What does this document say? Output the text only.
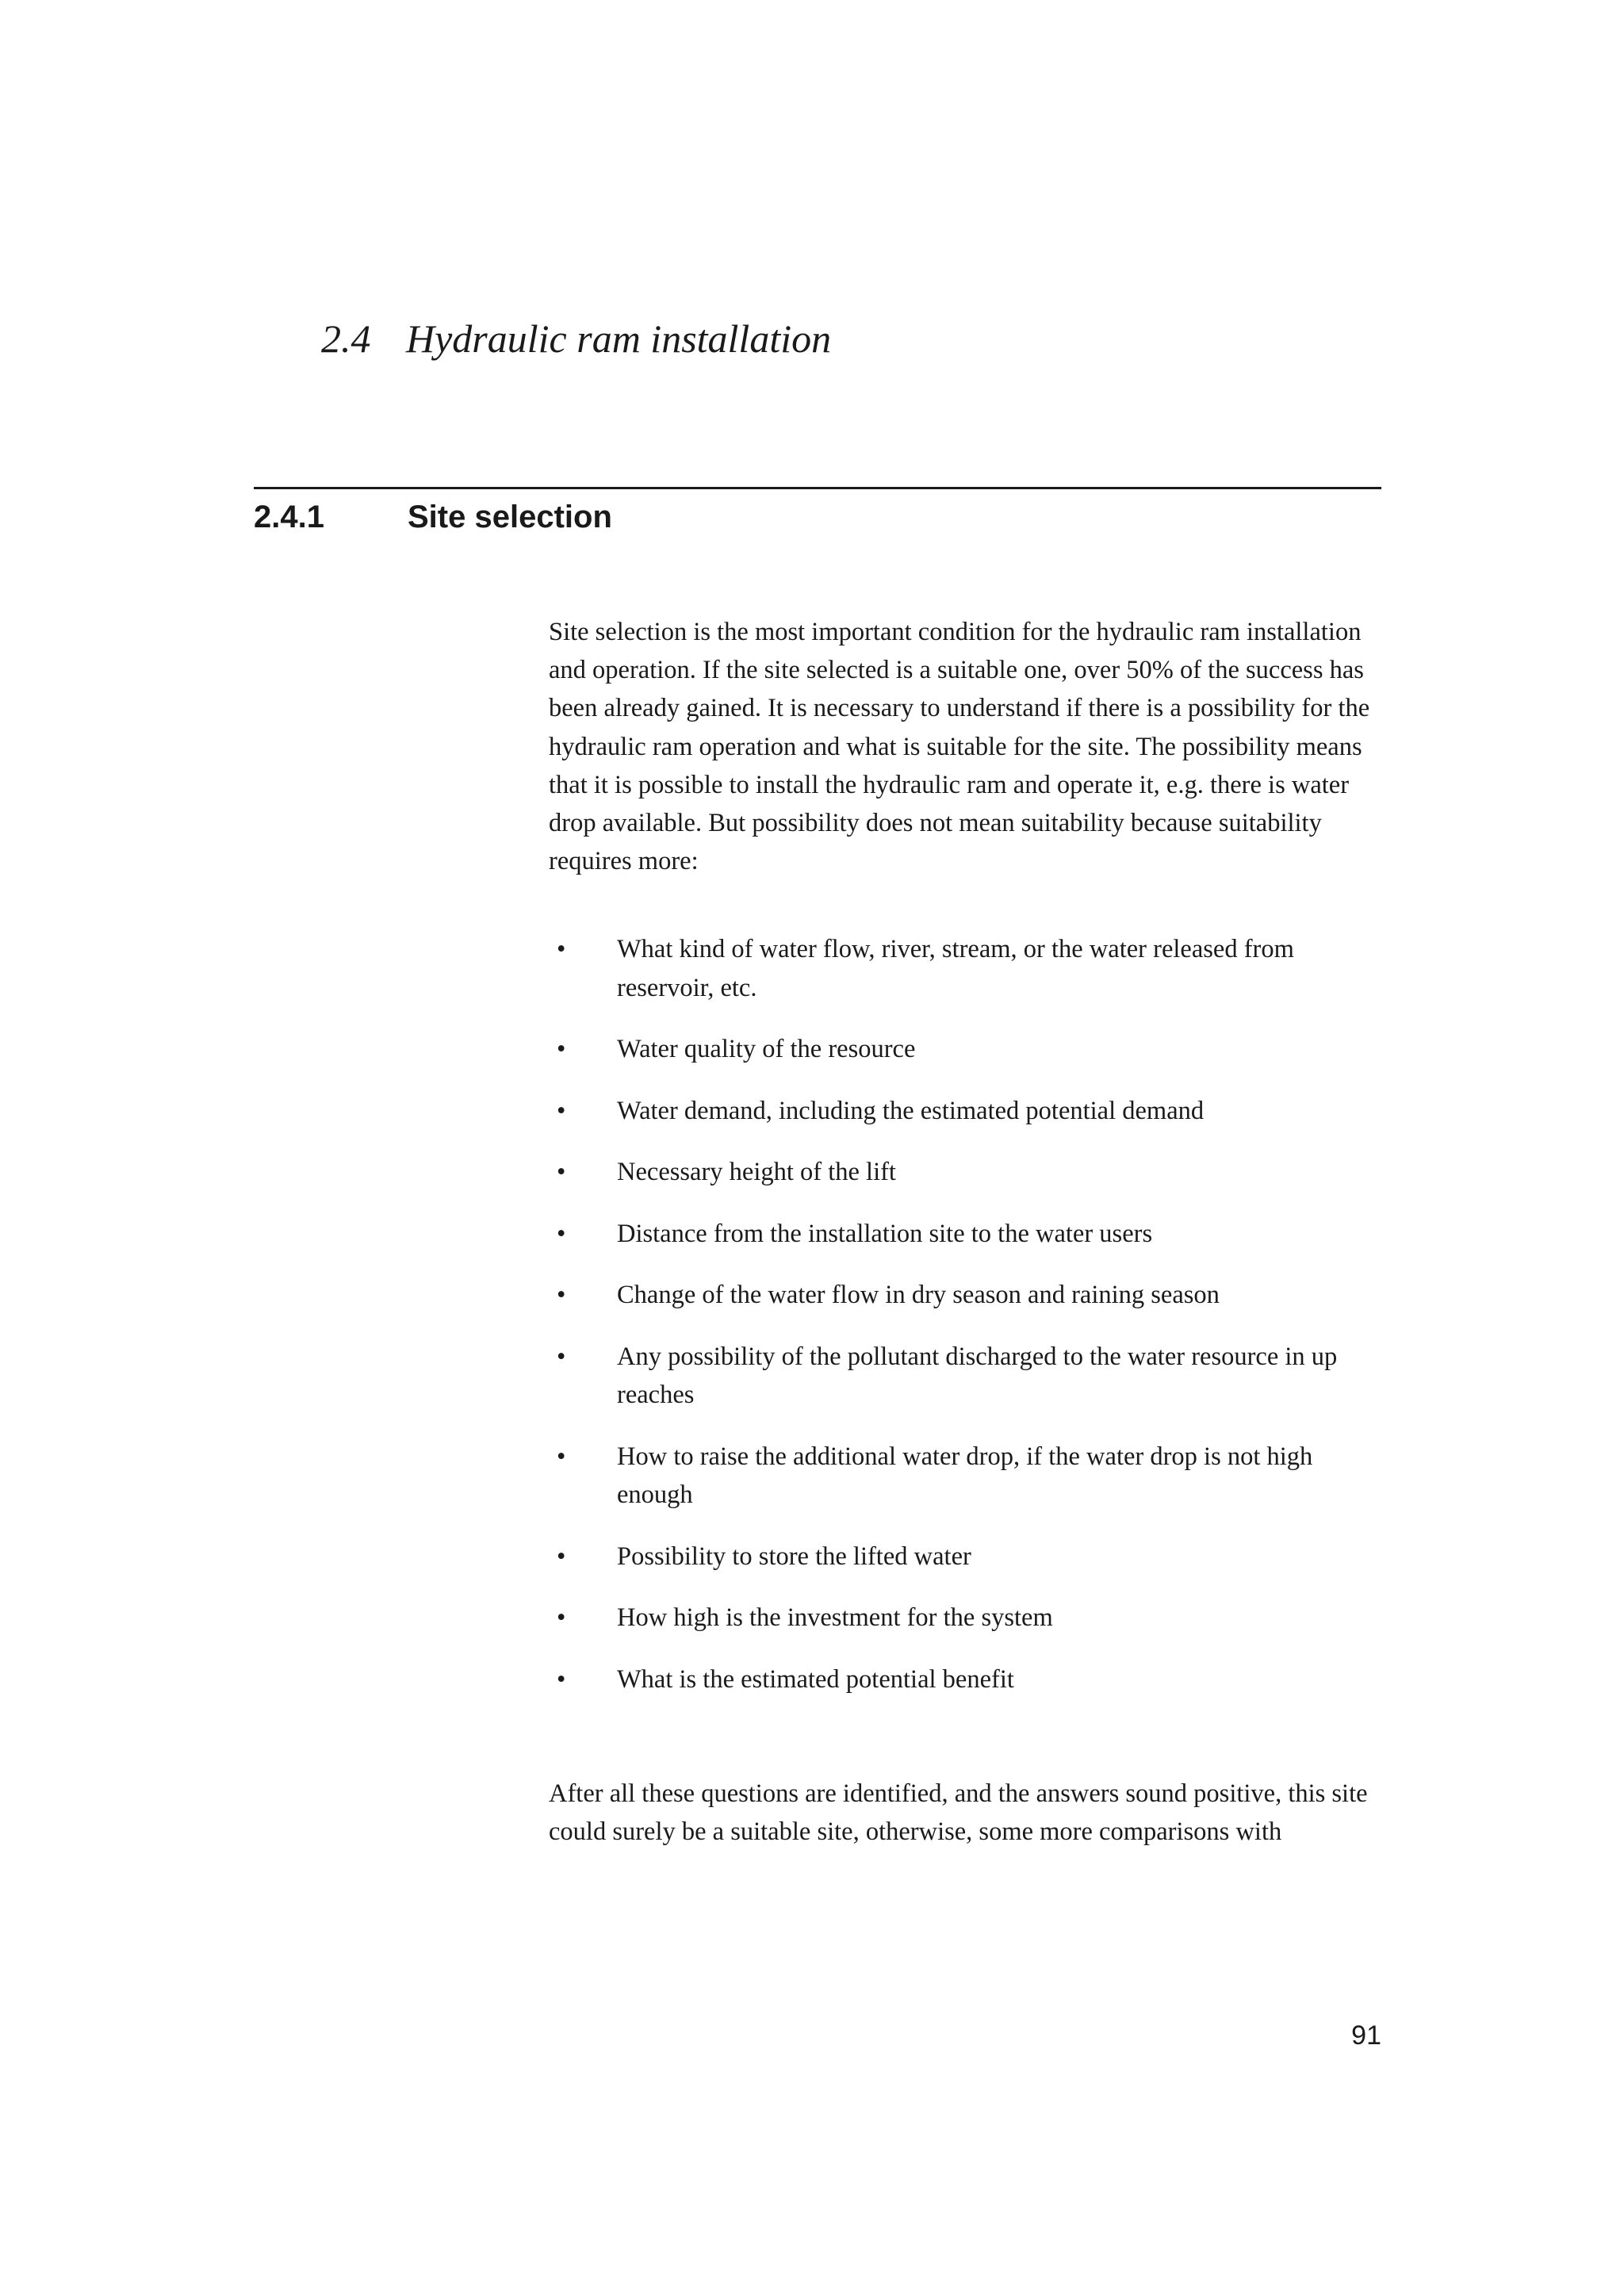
2.4 Hydraulic ram installation
2.4.1	Site selection

Site selection is the most important condition for the hydraulic ram installation and operation. If the site selected is a suitable one, over 50% of the success has been already gained. It is necessary to understand if there is a possibility for the hydraulic ram operation and what is suitable for the site. The possibility means that it is possible to install the hydraulic ram and operate it, e.g. there is water drop available. But possibility does not mean suitability because suitability requires more:

•	What kind of water flow, river, stream, or the water released from reservoir, etc.
•	Water quality of the resource
•	Water demand, including the estimated potential demand
•	Necessary height of the lift
•	Distance from the installation site to the water users
•	Change of the water flow in dry season and raining season
•	Any possibility of the pollutant discharged to the water resource in up reaches
•	How to raise the additional water drop, if the water drop is not high enough
•	Possibility to store the lifted water
•	How high is the investment for the system
•	What is the estimated potential benefit

After all these questions are identified, and the answers sound positive, this site could surely be a suitable site, otherwise, some more comparisons with

91
